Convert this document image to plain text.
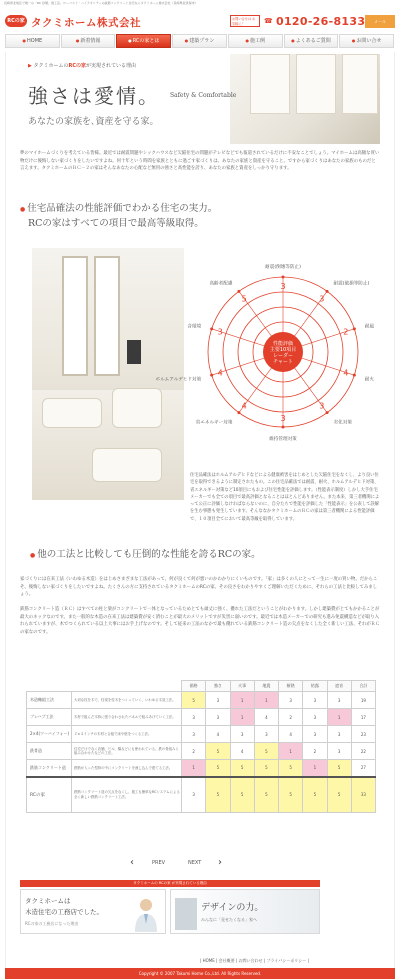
長崎県北地区で唯一の「RC 砂層」施工店。ローコスト・ハイクオリティの鉄筋コンクリート住宅ならタクミホーム株式会社（長崎県佐世保市）
RCの家 タクミホーム株式会社	お問い合せは お気軽に！	☎ 0120-26-8133	メール
●HOME	●新着情報	●RCの家とは	●建築プラン	●施工例	●よくあるご質問	●お問い合せ
▶ タクミホームのRCの家が実現されている理由
強さは愛情。 Safety & Comfortable
あなたの家族を､資産を守る家。
夢のマイホームづくりを考えている皆様。最近では耐震問題やシックハウスなど欠陥住宅の問題がテレビなどでも報道されているだけに不安なことでしょう。マイホームは高額な買い物だけに後悔しない家づくりをしたいですよね。何十年という時間を家族とともに過ごす家づくりは、あなたの家族と資産を守ること。ですから家づくりはあなたの家族のものだと言えます。タクミホームのＲＣ－２の家はそんなあなたの心配など無用の強さと高性能を誇り、あなたの家族と資産をしっかり守ります。
● 住宅品確法の性能評価でわかる住宅の実力。
RCの家はすべての項目で最高等級取得。
3
耐震(倒壊等防止)
3
耐震(破損等防止)
2
耐風
4
耐火
3
劣化対策
3
維持管理対策
4
省エネルギー対策
4
ホルムアルデヒド対策
3
音環境
5
高齢者配慮
性能評価
主要10項目
レーダー
チャート
住宅品確法はホルムアルデヒドなどによる健康被害をはじめとした欠陥住宅をなくし、より良い住宅を取得できるように制定されたもの。この住宅品確法では耐震、耐火、ホルムアルデヒド対策、省エネルギー対策など10項目にもおよび住宅性能を評価します。（性能表示制度）しかし大手住宅メーカーでも全ての項目で最高評価となることはほとんどありません。また本来、第三者機関によって公正に評価しなければならないのに、自分たちで性能を評価した「性能表示」を公表して誤解を生む事態も発生しています。そんななかタクミホームのＲＣの家は第三者機関による性能評価で、１０項目全てにおいて最高等級を取得しています。
● 他の工法と比較しても圧倒的な性能を誇るRCの家。
家づくりには在来工法（いわゆる木造）をはじめさまざまな工法があって、何が良くて何が悪いのかわかりにくいものです。「家」は多くの人にとって一生に一度の買い物。だからこそ、後悔しない家づくりをしたいですよね。たくさんの方に支持されているタクミホームのRCの家、その良さをわかりやすくご理解いただくために、それらの工法と比較してみましょう。
鉄筋コンクリート造（ＲＣ）はすべての柱と梁がコンクリートで一体となっているためとても頑丈に強く、優れた工法だということがわかります。しかし建築費がとてもかかることが最大のネックなのです。また一般的な木造の在来工法は建築費が安く済むことが最大のメリットですが災害に弱いのです。最近では木造メーカーでの研究も進み免震構造などが取り入れられていますが、木でつくられている以上大事にはお手上げなのです。そして従来の工法のなかで最も優れている鉄筋コンクリート造の欠点をなくした全く新しい工法、それがＲＣの家なのです。
		価格	強さ	火事	地震	断熱	結露	遮音	合計
木造軸組工法	大切な柱を木で、柱梁を柱木をつくっていく、いわゆる木造工法。	5	3	1	1	3	3	3	19
プレハブ工法	木材で組んだ木枠に張り合わされたパネルで組みあげていく工法。	3	3	1	4	2	3	1	17
2×4(ツーバイフォー)	２×４インチの木材と合板で床や壁をつくる工法。	3	4	3	3	4	3	3	23
鉄骨造	住宅だけでなく店舗、ビル、橋などにも使われている、鉄の骨組みと組み合わせたなどの工法。	2	5	4	5	1	2	3	22
鉄筋コンクリート造	鉄筋が入った型枠の中にコンクリートを流し込んで建てる工法。	1	5	5	5	5	1	5	27
RCの家	鉄筋コンクリート造の欠点をなくし、施工も簡単なRCシステムによる全く新しい鉄筋コンクリート工法。	3	5	5	5	5	5	5	33
‹	PREV	NEXT ›
タクミホームの RCの家 が実現されている理由
タクミホームは
木造住宅の工務店でした。
RCの家の工務店になった理由
デザインの力。
みんなに「見せたくなる」家へ
| HOME | 会社概要 | お問い合わせ | プライバシーポリシー |
Copyright © 2007 Takumi Home Co.,Ltd. All Rights Reserved.
